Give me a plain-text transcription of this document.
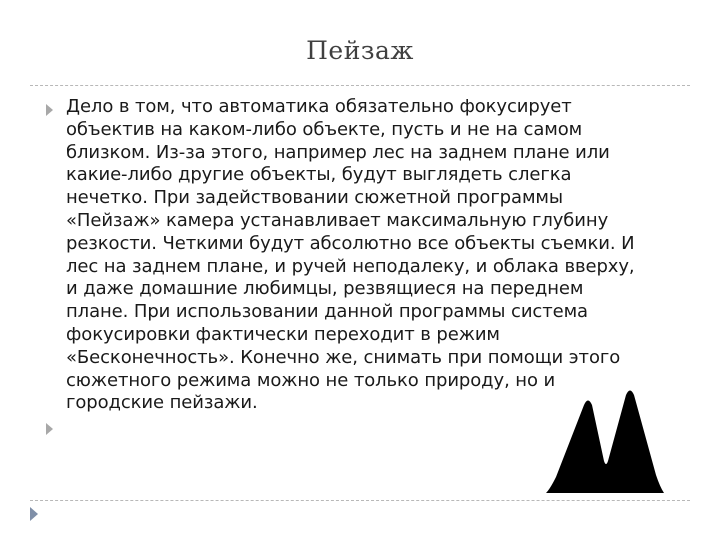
Пейзаж
Дело в том, что автоматика обязательно фокусирует
объектив на каком-либо объекте, пусть и не на самом
близком. Из-за этого, например лес на заднем плане или
какие-либо другие объекты, будут выглядеть слегка
нечетко. При задействовании сюжетной программы
«Пейзаж» камера устанавливает максимальную глубину
резкости. Четкими будут абсолютно все объекты съемки. И
лес на заднем плане, и ручей неподалеку, и облака вверху,
и даже домашние любимцы, резвящиеся на переднем
плане. При использовании данной программы система
фокусировки фактически переходит в режим
«Бесконечность». Конечно же, снимать при помощи этого
сюжетного режима можно не только природу, но и
городские пейзажи.
